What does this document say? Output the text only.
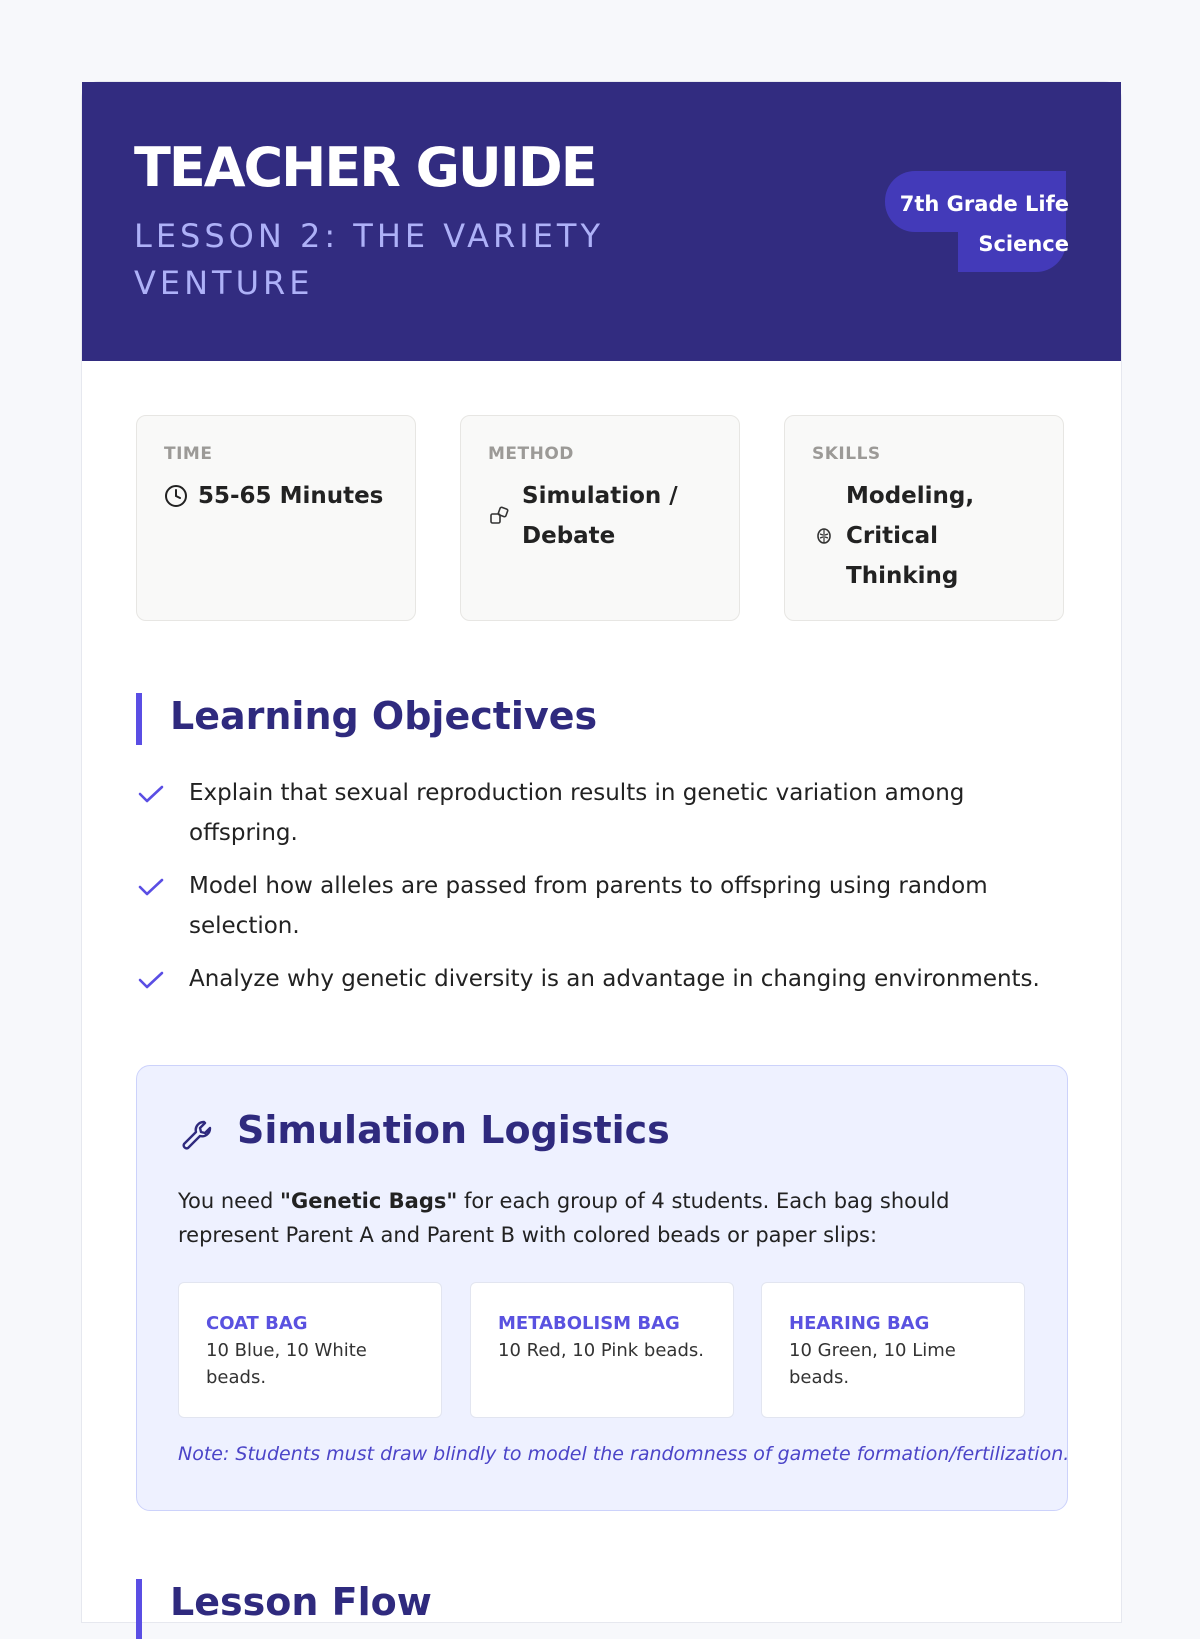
TEACHER GUIDE
LESSON 2: THE VARIETY VENTURE
7th Grade Life Science
TIME
55-65 Minutes
METHOD
Simulation / Debate
SKILLS
Modeling, Critical Thinking
Learning Objectives
Explain that sexual reproduction results in genetic variation among offspring.
Model how alleles are passed from parents to offspring using random selection.
Analyze why genetic diversity is an advantage in changing environments.
Simulation Logistics
You need "Genetic Bags" for each group of 4 students. Each bag should represent Parent A and Parent B with colored beads or paper slips:
COAT BAG
10 Blue, 10 White beads.
METABOLISM BAG
10 Red, 10 Pink beads.
HEARING BAG
10 Green, 10 Lime beads.
Note: Students must draw blindly to model the randomness of gamete formation/fertilization.
Lesson Flow
